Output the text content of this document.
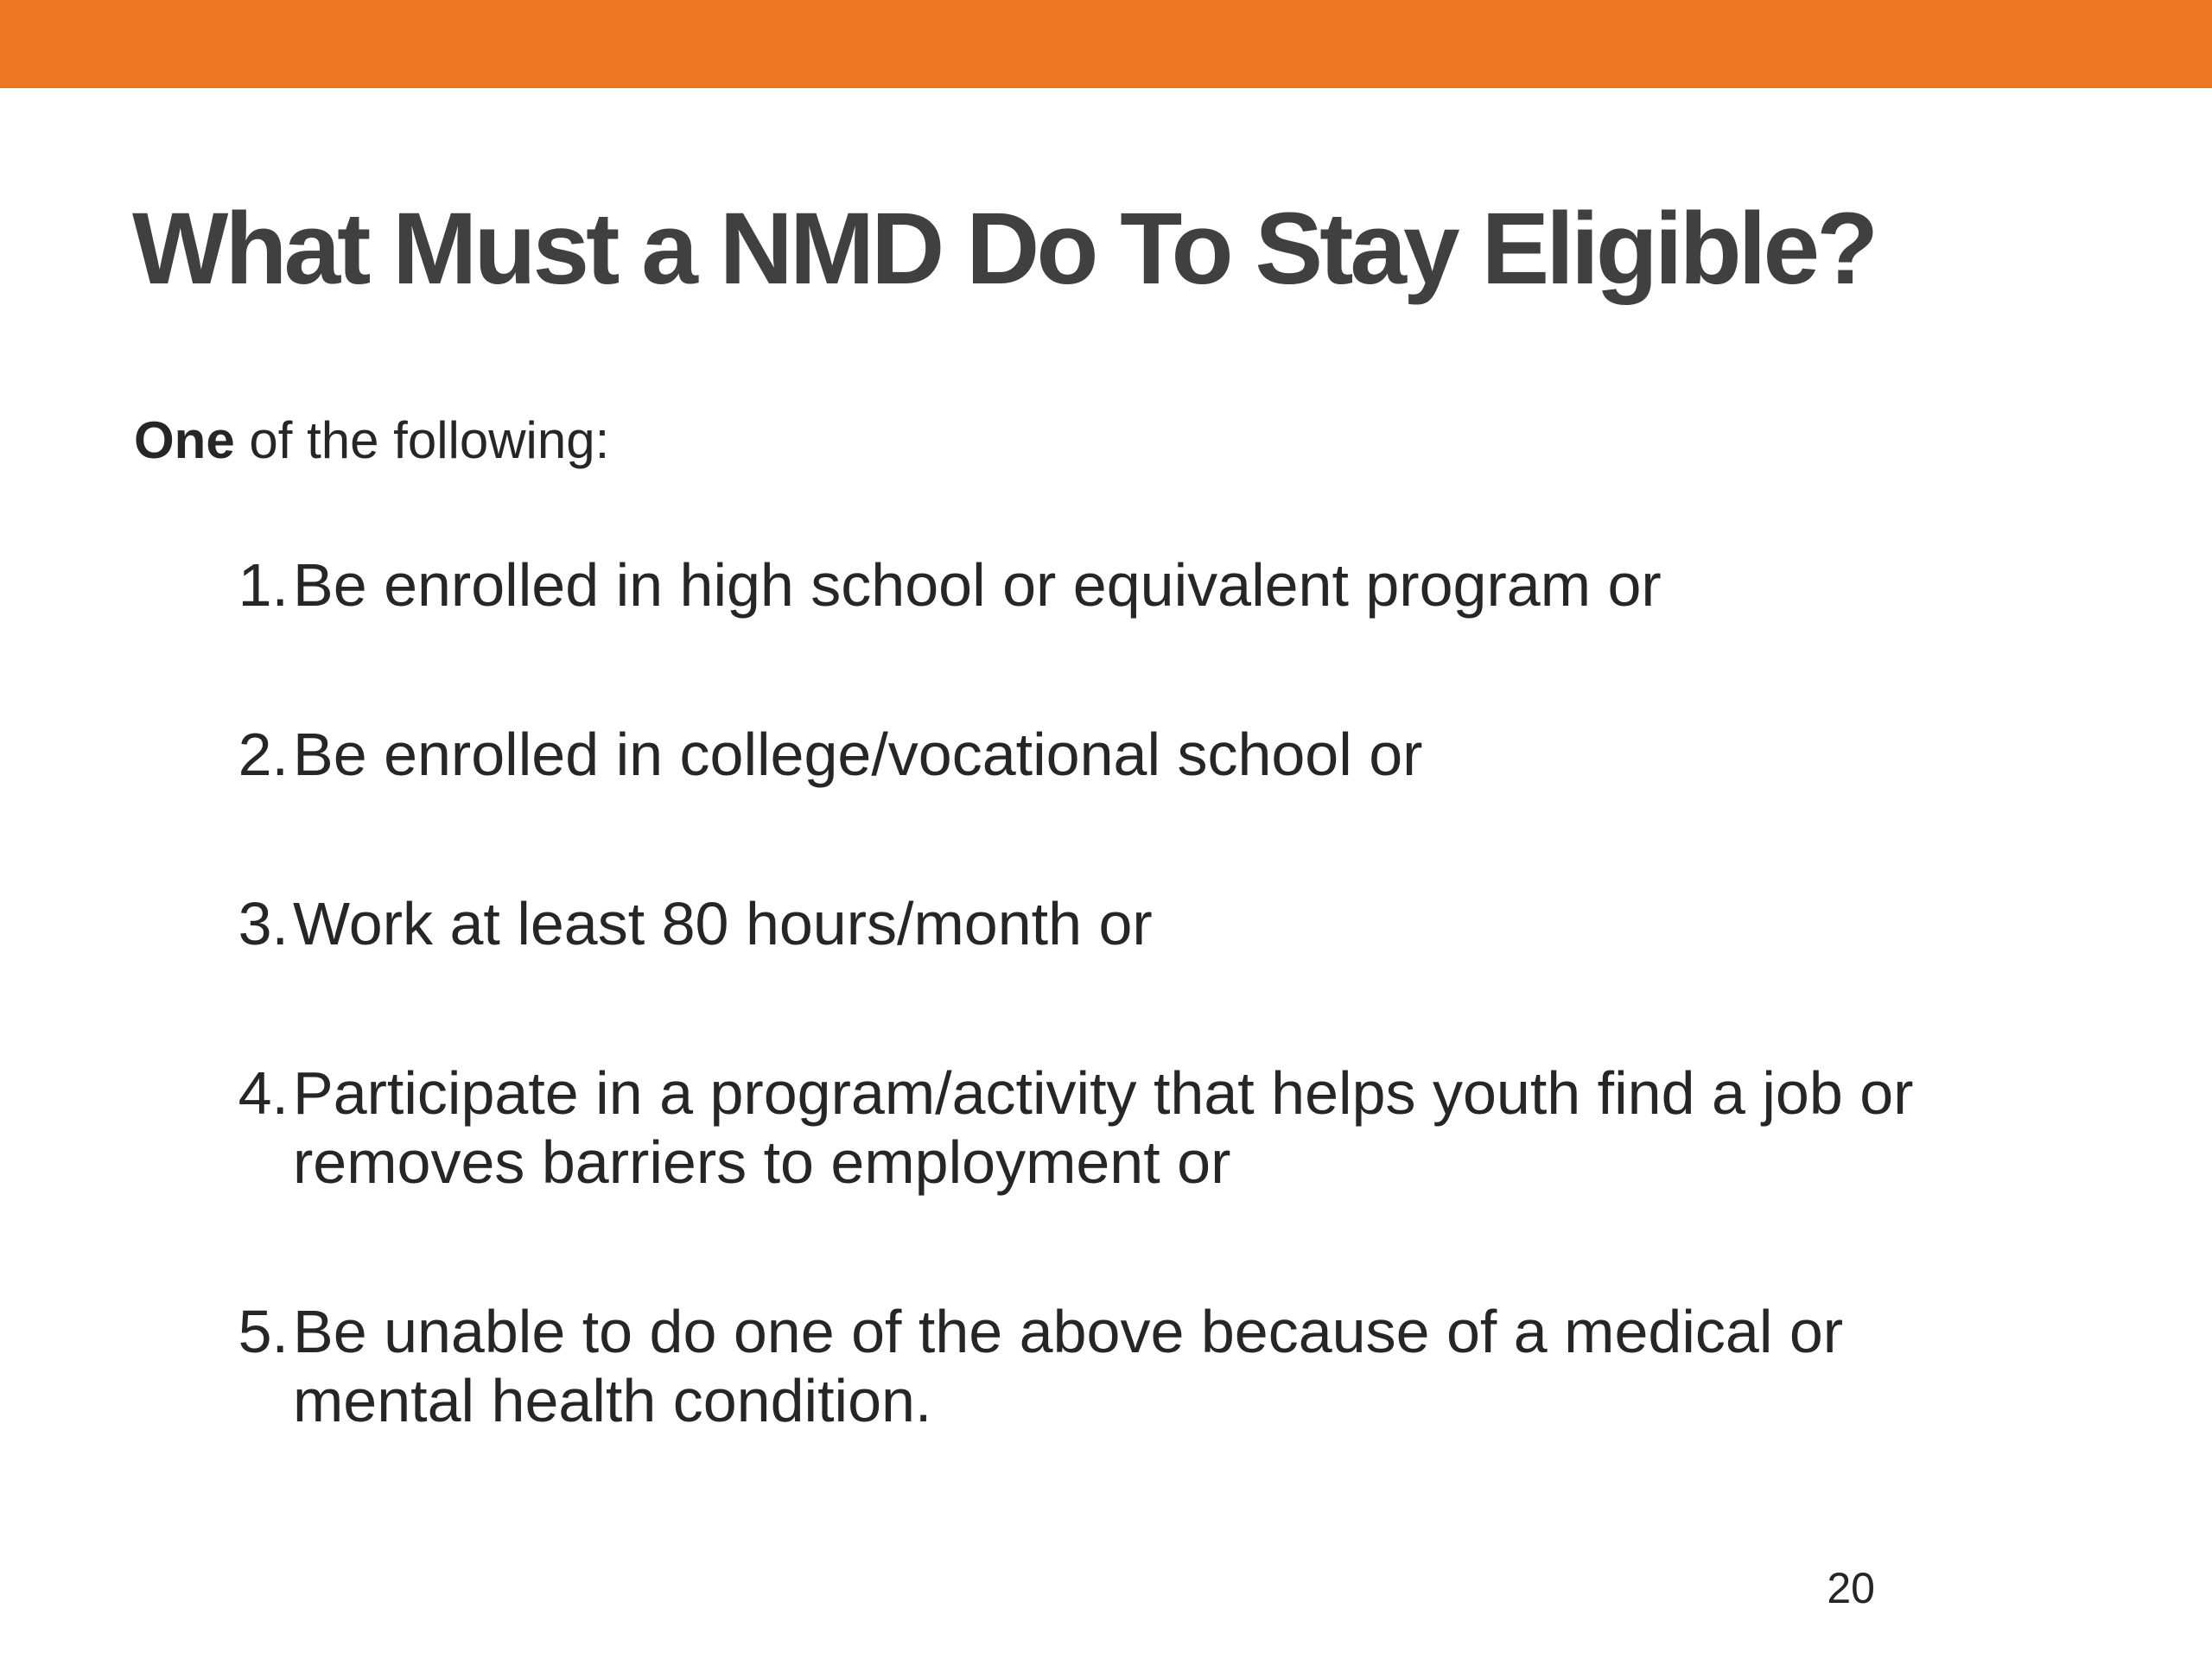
What Must a NMD Do To Stay Eligible?

One of the following:

1. Be enrolled in high school or equivalent program or
2. Be enrolled in college/vocational school or
3. Work at least 80 hours/month or
4. Participate in a program/activity that helps youth find a job or removes barriers to employment or
5. Be unable to do one of the above because of a medical or mental health condition.
20
